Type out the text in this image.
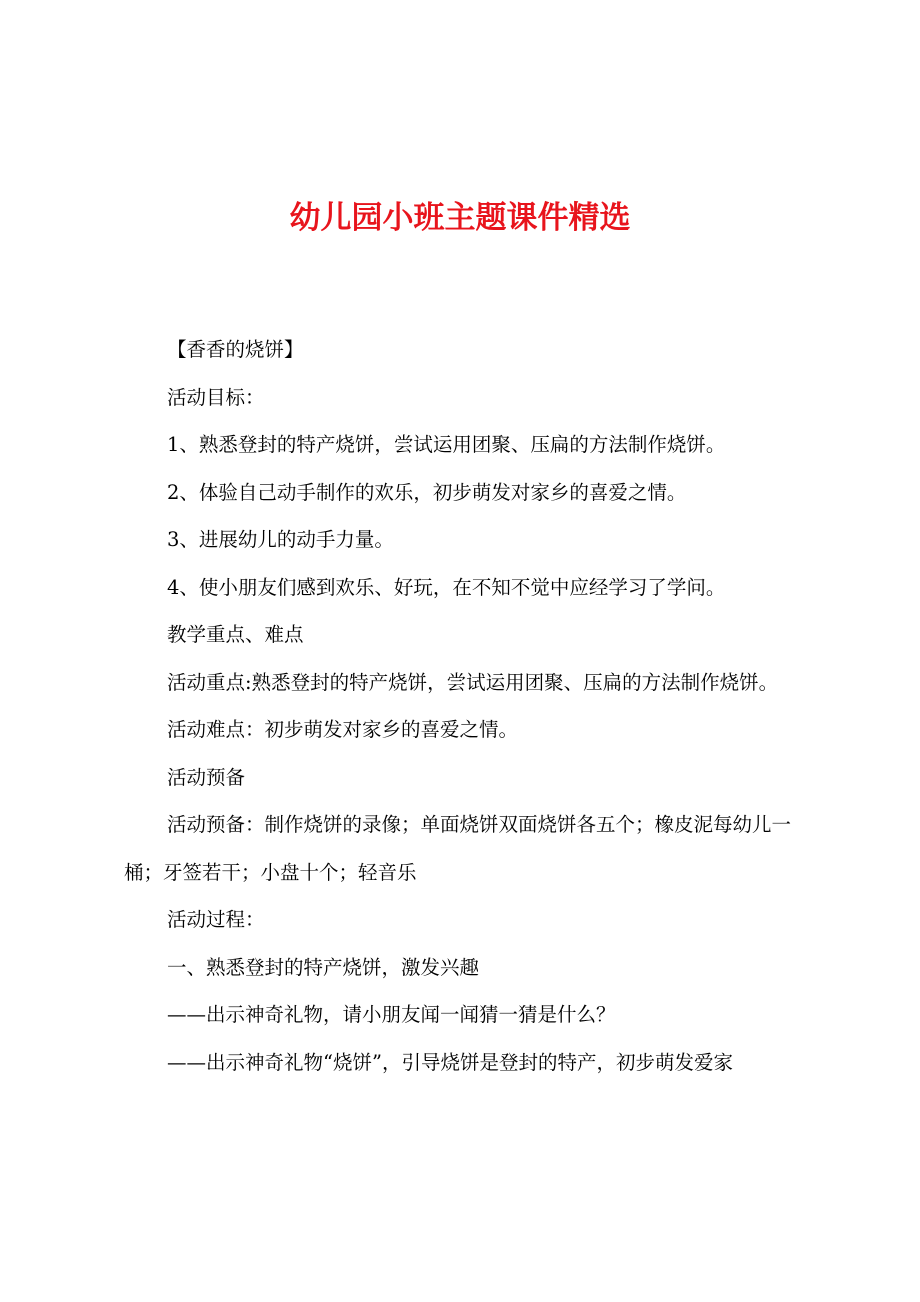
幼儿园小班主题课件精选

【香香的烧饼】

活动目标：

1、熟悉登封的特产烧饼，尝试运用团聚、压扁的方法制作烧饼。

2、体验自己动手制作的欢乐，初步萌发对家乡的喜爱之情。

3、进展幼儿的动手力量。

4、使小朋友们感到欢乐、好玩，在不知不觉中应经学习了学问。

教学重点、难点

活动重点:熟悉登封的特产烧饼，尝试运用团聚、压扁的方法制作烧饼。

活动难点：初步萌发对家乡的喜爱之情。

活动预备

活动预备：制作烧饼的录像；单面烧饼双面烧饼各五个；橡皮泥每幼儿一桶；牙签若干；小盘十个；轻音乐

活动过程：

一、熟悉登封的特产烧饼，激发兴趣

——出示神奇礼物，请小朋友闻一闻猜一猜是什么？

——出示神奇礼物“烧饼”，引导烧饼是登封的特产，初步萌发爱家
